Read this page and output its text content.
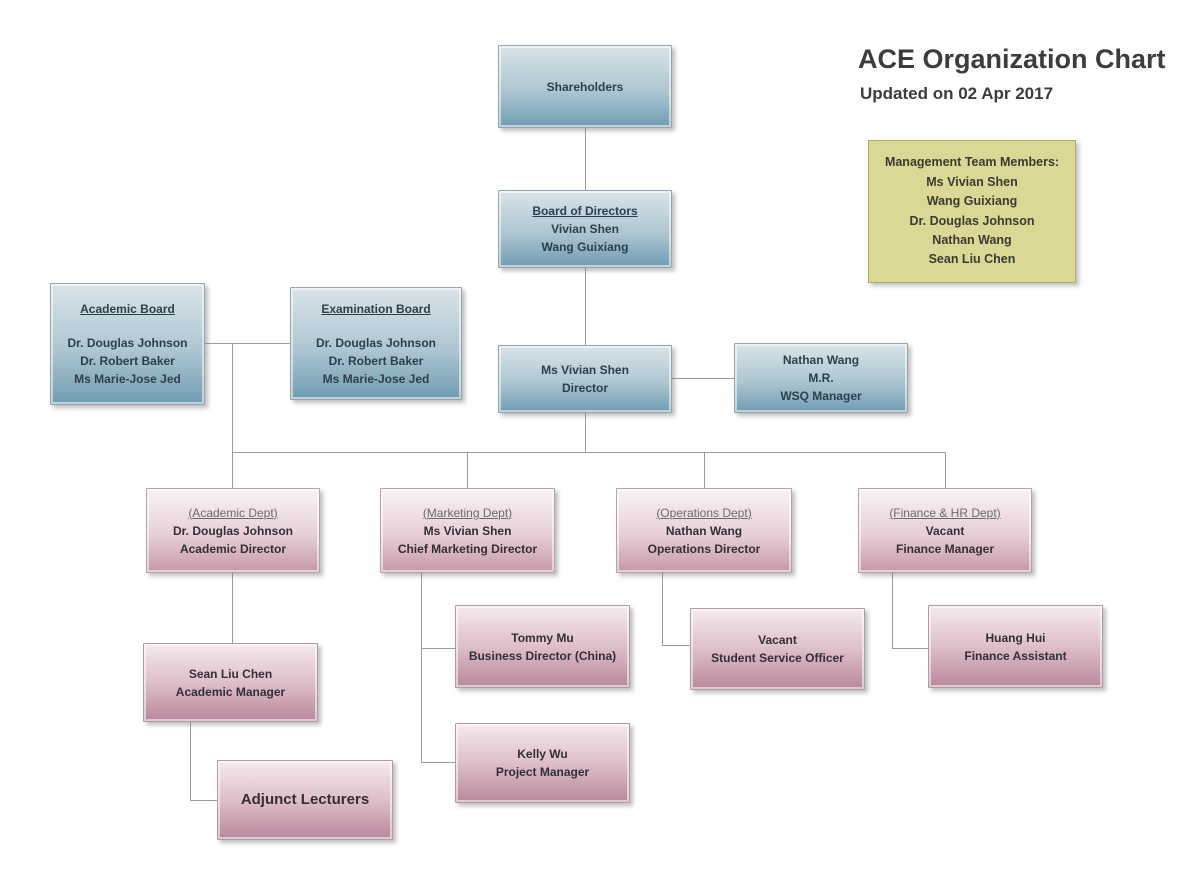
ACE Organization Chart
Updated on 02 Apr 2017
Management Team Members:
Ms Vivian Shen
Wang Guixiang
Dr. Douglas Johnson
Nathan Wang
Sean Liu Chen
Shareholders
Board of Directors
Vivian Shen
Wang Guixiang
Academic Board
Dr. Douglas Johnson
Dr. Robert Baker
Ms Marie-Jose Jed
Examination Board
Dr. Douglas Johnson
Dr. Robert Baker
Ms Marie-Jose Jed
Ms Vivian Shen
Director
Nathan Wang
M.R.
WSQ Manager
(Academic Dept)
Dr. Douglas Johnson
Academic Director
(Marketing Dept)
Ms Vivian Shen
Chief Marketing Director
(Operations Dept)
Nathan Wang
Operations Director
(Finance & HR Dept)
Vacant
Finance Manager
Tommy Mu
Business Director (China)
Vacant
Student Service Officer
Huang Hui
Finance Assistant
Sean Liu Chen
Academic Manager
Adjunct Lecturers
Kelly Wu
Project Manager
